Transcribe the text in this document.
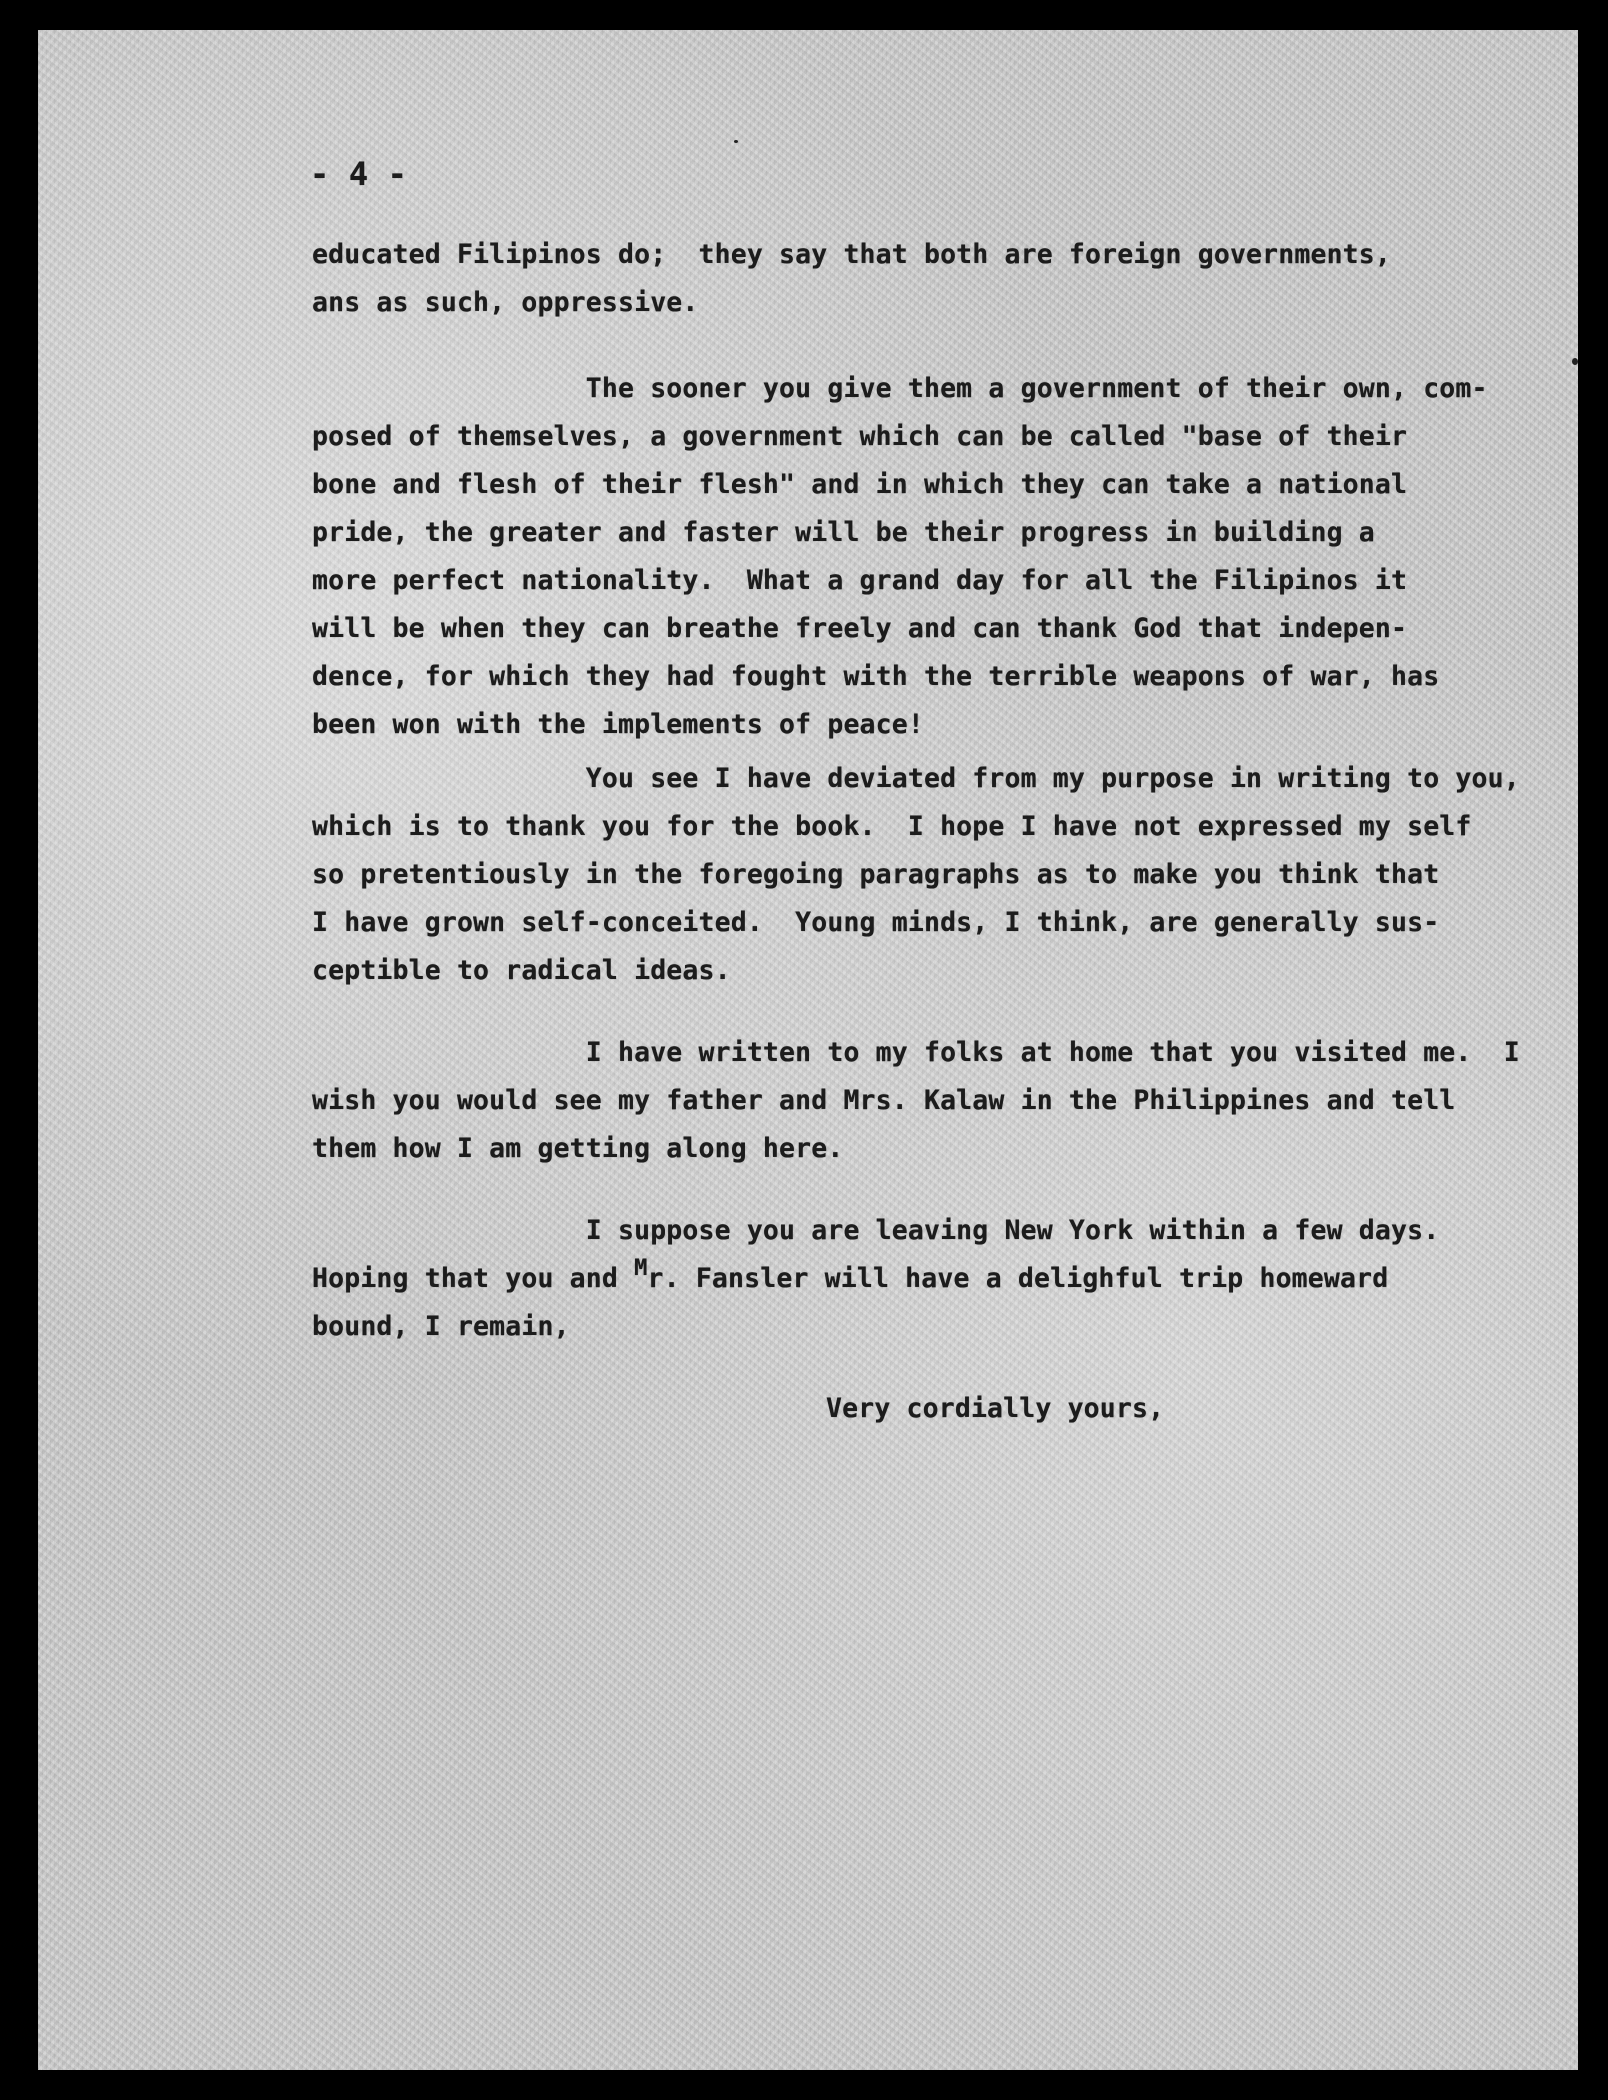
- 4 -
educated Filipinos do;  they say that both are foreign governments,
ans as such, oppressive.
The sooner you give them a government of their own, com-
posed of themselves, a government which can be called "base of their
bone and flesh of their flesh" and in which they can take a national
pride, the greater and faster will be their progress in building a
more perfect nationality.  What a grand day for all the Filipinos it
will be when they can breathe freely and can thank God that indepen-
dence, for which they had fought with the terrible weapons of war, has
been won with the implements of peace!
You see I have deviated from my purpose in writing to you,
which is to thank you for the book.  I hope I have not expressed my self
so pretentiously in the foregoing paragraphs as to make you think that
I have grown self-conceited.  Young minds, I think, are generally sus-
ceptible to radical ideas.
I have written to my folks at home that you visited me.  I
wish you would see my father and Mrs. Kalaw in the Philippines and tell
them how I am getting along here.
I suppose you are leaving New York within a few days.
Hoping that you and $^M$r. Fansler will have a delighful trip homeward
bound, I remain,
Very cordially yours,
